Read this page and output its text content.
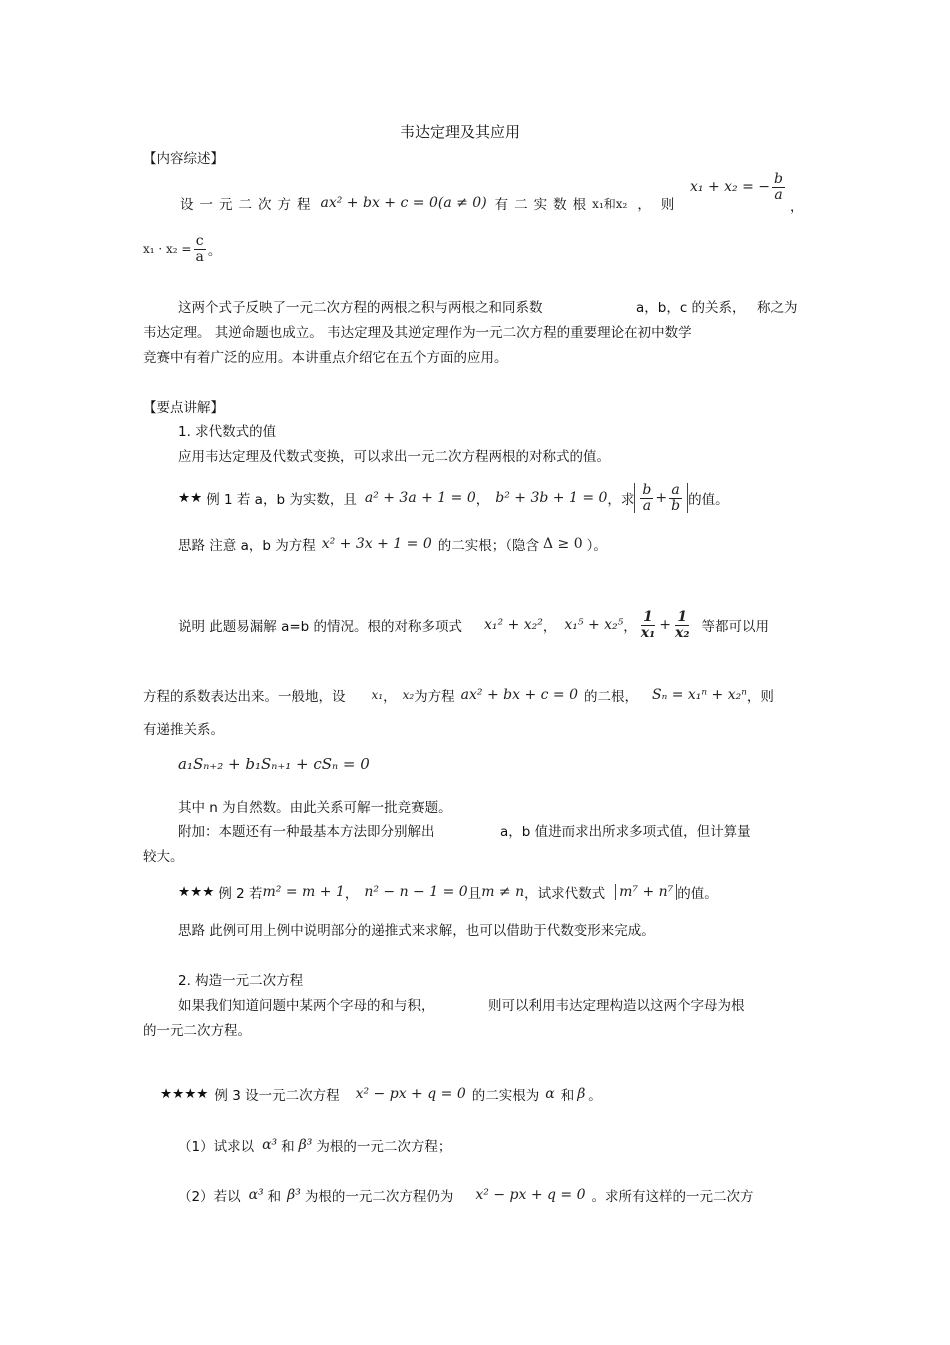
韦达定理及其应用
【内容综述】
设一元二次方程 ax² + bx + c = 0(a ≠ 0) 有二实数根 x₁和x₂ ， 则
x₁ + x₂ = − $\frac{b}{a}$
，
$x_1 \cdot x_2 = \frac{c}{a}$ 。
这两个式子反映了一元二次方程的两根之积与两根之和同系数	a，b，c 的关系， 称之为
韦达定理。 其逆命题也成立。 韦达定理及其逆定理作为一元二次方程的重要理论在初中数学
竞赛中有着广泛的应用。本讲重点介绍它在五个方面的应用。
【要点讲解】
1. 求代数式的值
应用韦达定理及代数式变换，可以求出一元二次方程两根的对称式的值。
★★ 例 1 若 a，b 为实数，且 a² + 3a + 1 = 0 ， b² + 3b + 1 = 0 ，求 $\frac{b}{a} + \frac{a}{b}$ 的值。
思路 注意 a，b 为方程 x² + 3x + 1 = 0 的二实根；（隐含 Δ ≥ 0 ）。
说明 此题易漏解 a=b 的情况。根的对称多项式 x₁² + x₂² ， x₁⁵ + x₂⁵ ， $\frac{1}{\text{x₁}} + \frac{1}{\text{x₂}}$ 等都可以用
方程的系数表达出来。一般地，设 x₁ ， x₂ 为方程 ax² + bx + c = 0 的二根， Sₙ = x₁ⁿ + x₂ⁿ ，则
有递推关系。
a₁Sₙ₊₂ + b₁Sₙ₊₁ + cSₙ = 0
其中 n 为自然数。由此关系可解一批竞赛题。
附加：本题还有一种最基本方法即分别解出	a，b 值进而求出所求多项式值，但计算量
较大。
★★★ 例 2 若 m² = m + 1 ， n² − n − 1 = 0 且 m ≠ n ，试求代数式 m⁷ + n⁷ 的值。
思路 此例可用上例中说明部分的递推式来求解，也可以借助于代数变形来完成。
2. 构造一元二次方程
如果我们知道问题中某两个字母的和与积，	则可以利用韦达定理构造以这两个字母为根
的一元二次方程。
★★★★ 例 3 设一元二次方程 x² − px + q = 0 的二实根为 α 和 β 。
（1）试求以 α³ 和 β³ 为根的一元二次方程；
（2）若以 α³ 和 β³ 为根的一元二次方程仍为 x² − px + q = 0 。求所有这样的一元二次方
